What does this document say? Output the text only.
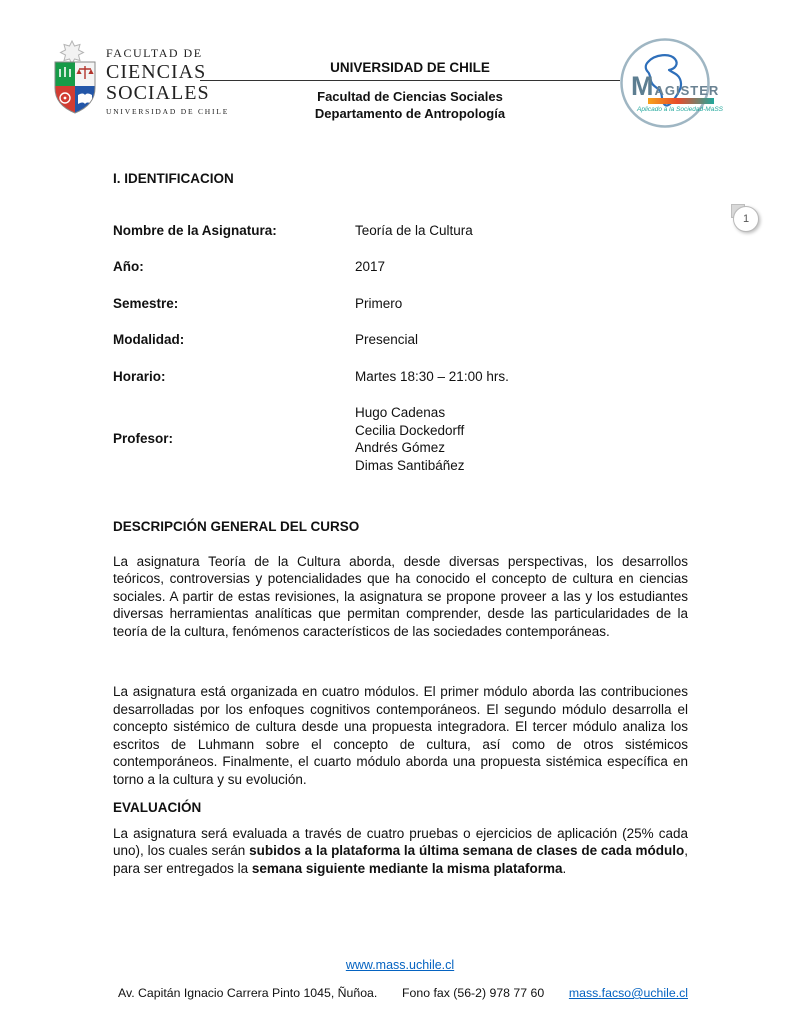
FACULTAD DE
CIENCIAS
SOCIALES
UNIVERSIDAD DE CHILE
UNIVERSIDAD DE CHILE
Facultad de Ciencias Sociales
Departamento de Antropología
MAGISTER
Aplicado a la Sociedad-MaSS
1
I. IDENTIFICACION
Nombre de la Asignatura:	Teoría de la Cultura
Año:	2017
Semestre:	Primero
Modalidad:	Presencial
Horario:	Martes 18:30 – 21:00 hrs.
Profesor:
Hugo Cadenas
Cecilia Dockedorff
Andrés Gómez
Dimas Santibáñez
DESCRIPCIÓN GENERAL DEL CURSO

La asignatura Teoría de la Cultura aborda, desde diversas perspectivas, los desarrollos teóricos, controversias y potencialidades que ha conocido el concepto de cultura en ciencias sociales. A partir de estas revisiones, la asignatura se propone proveer a las y los estudiantes diversas herramientas analíticas que permitan comprender, desde las particularidades de la teoría de la cultura, fenómenos característicos de las sociedades contemporáneas.

La asignatura está organizada en cuatro módulos. El primer módulo aborda las contribuciones desarrolladas por los enfoques cognitivos contemporáneos. El segundo módulo desarrolla el concepto sistémico de cultura desde una propuesta integradora. El tercer módulo analiza los escritos de Luhmann sobre el concepto de cultura, así como de otros sistémicos contemporáneos. Finalmente, el cuarto módulo aborda una propuesta sistémica específica en torno a la cultura y su evolución.

EVALUACIÓN

La asignatura será evaluada a través de cuatro pruebas o ejercicios de aplicación (25% cada uno), los cuales serán subidos a la plataforma la última semana de clases de cada módulo, para ser entregados la semana siguiente mediante la misma plataforma.

www.mass.uchile.cl
Av. Capitán Ignacio Carrera Pinto 1045, Ñuñoa. Fono fax (56-2) 978 77 60 mass.facso@uchile.cl
